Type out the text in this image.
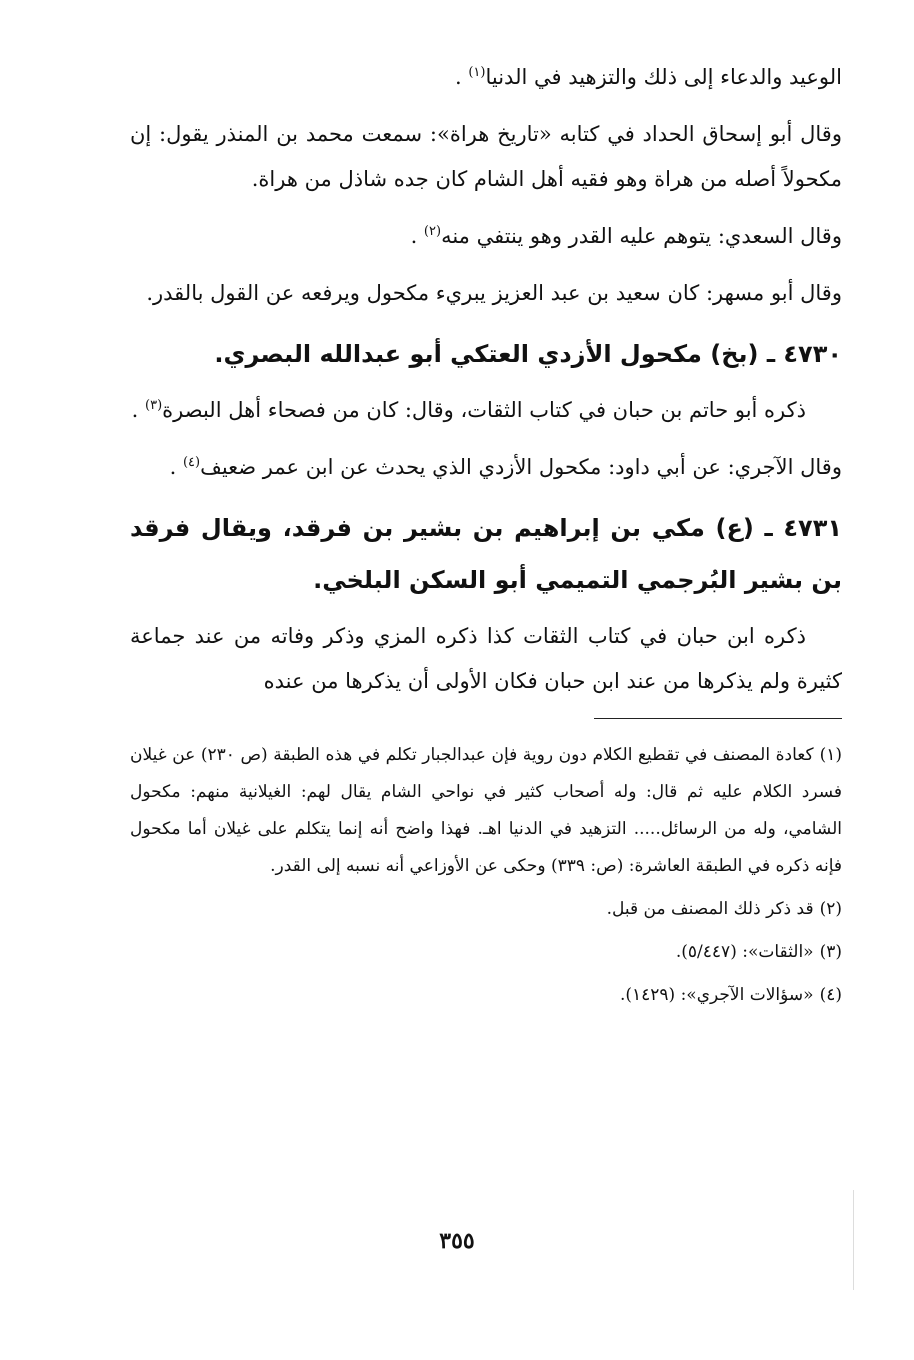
الوعيد والدعاء إلى ذلك والتزهيد في الدنيا$^{(١)}$ .

وقال أبو إسحاق الحداد في كتابه «تاريخ هراة»: سمعت محمد بن المنذر يقول: إن مكحولاً أصله من هراة وهو فقيه أهل الشام كان جده شاذل من هراة.

وقال السعدي: يتوهم عليه القدر وهو ينتفي منه$^{(٢)}$ .

وقال أبو مسهر: كان سعيد بن عبد العزيز يبريء مكحول ويرفعه عن القول بالقدر.

٤٧٣٠ ـ (بخ) مكحول الأزدي العتكي أبو عبدالله البصري.

ذكره أبو حاتم بن حبان في كتاب الثقات، وقال: كان من فصحاء أهل البصرة$^{(٣)}$ .

وقال الآجري: عن أبي داود: مكحول الأزدي الذي يحدث عن ابن عمر ضعيف$^{(٤)}$ .

٤٧٣١ ـ (ع) مكي بن إبراهيم بن بشير بن فرقد، ويقال فرقد بن بشير البُرجمي التميمي أبو السكن البلخي.

ذكره ابن حبان في كتاب الثقات كذا ذكره المزي وذكر وفاته من عند جماعة كثيرة ولم يذكرها من عند ابن حبان فكان الأولى أن يذكرها من عنده

(١)كعادة المصنف في تقطيع الكلام دون روية فإن عبدالجبار تكلم في هذه الطبقة (ص ٢٣٠) عن غيلان فسرد الكلام عليه ثم قال: وله أصحاب كثير في نواحي الشام يقال لهم: الغيلانية منهم: مكحول الشامي، وله من الرسائل..... التزهيد في الدنيا اهـ. فهذا واضح أنه إنما يتكلم على غيلان أما مكحول فإنه ذكره في الطبقة العاشرة: (ص: ٣٣٩) وحكى عن الأوزاعي أنه نسبه إلى القدر.

(٢)قد ذكر ذلك المصنف من قبل.

(٣)«الثقات»: (٥/٤٤٧).

(٤)«سؤالات الآجري»: (١٤٢٩).

٣٥٥
